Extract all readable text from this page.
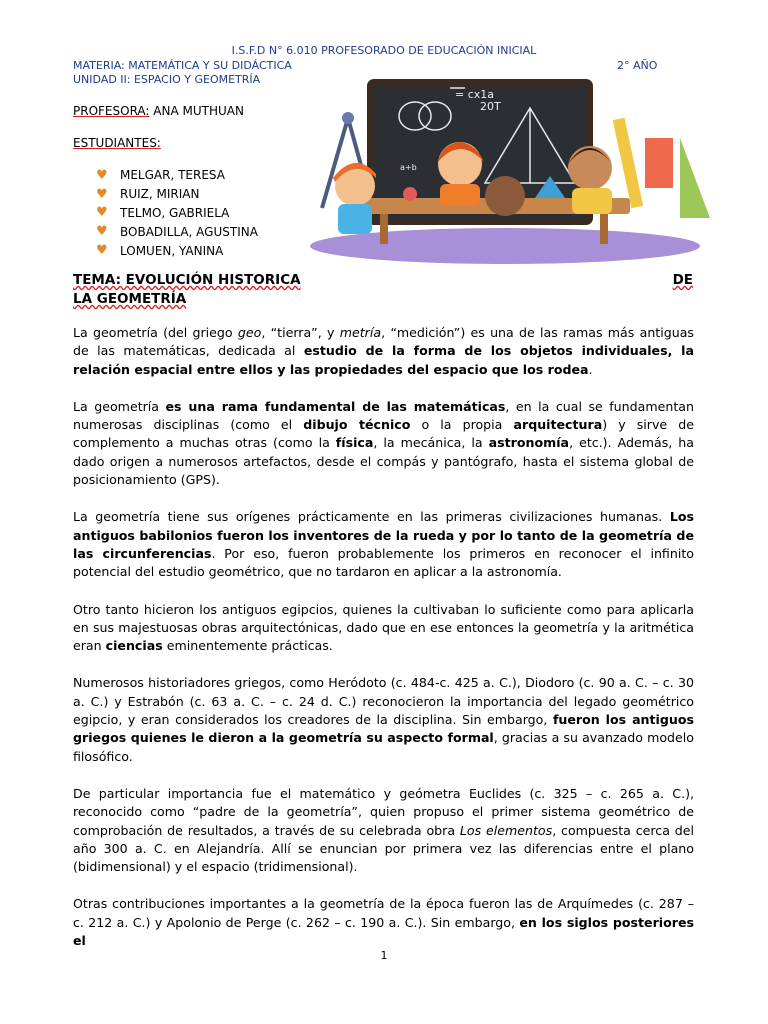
I.S.F.D N° 6.010 PROFESORADO DE EDUCACIÓN INICIAL
MATERIA: MATEMÁTICA Y SU DIDÁCTICA	2° AÑO
UNIDAD II: ESPACIO Y GEOMETRÍA
PROFESORA: ANA MUTHUAN
ESTUDIANTES:
♥	MELGAR, TERESA
♥	RUIZ, MIRIAN
♥	TELMO, GABRIELA
♥	BOBADILLA, AGUSTINA
♥	LOMUEN, YANINA
= cx1a
20T
a+b
TEMA: EVOLUCIÓN HISTORICA	DE
LA GEOMETRÍA

La geometría (del griego geo, “tierra”, y metría, “medición”) es una de las ramas más antiguas de las matemáticas, dedicada al estudio de la forma de los objetos individuales, la relación espacial entre ellos y las propiedades del espacio que los rodea.

La geometría es una rama fundamental de las matemáticas, en la cual se fundamentan numerosas disciplinas (como el dibujo técnico o la propia arquitectura) y sirve de complemento a muchas otras (como la física, la mecánica, la astronomía, etc.). Además, ha dado origen a numerosos artefactos, desde el compás y pantógrafo, hasta el sistema global de posicionamiento (GPS).

La geometría tiene sus orígenes prácticamente en las primeras civilizaciones humanas. Los antiguos babilonios fueron los inventores de la rueda y por lo tanto de la geometría de las circunferencias. Por eso, fueron probablemente los primeros en reconocer el infinito potencial del estudio geométrico, que no tardaron en aplicar a la astronomía.

Otro tanto hicieron los antiguos egipcios, quienes la cultivaban lo suficiente como para aplicarla en sus majestuosas obras arquitectónicas, dado que en ese entonces la geometría y la aritmética eran ciencias eminentemente prácticas.

Numerosos historiadores griegos, como Heródoto (c. 484-c. 425 a. C.), Diodoro (c. 90 a. C. – c. 30 a. C.) y Estrabón (c. 63 a. C. – c. 24 d. C.) reconocieron la importancia del legado geométrico egipcio, y eran considerados los creadores de la disciplina. Sin embargo, fueron los antiguos griegos quienes le dieron a la geometría su aspecto formal, gracias a su avanzado modelo filosófico.

De particular importancia fue el matemático y geómetra Euclides (c. 325 – c. 265 a. C.), reconocido como “padre de la geometría”, quien propuso el primer sistema geométrico de comprobación de resultados, a través de su celebrada obra Los elementos, compuesta cerca del año 300 a. C. en Alejandría. Allí se enuncian por primera vez las diferencias entre el plano (bidimensional) y el espacio (tridimensional).

Otras contribuciones importantes a la geometría de la época fueron las de Arquímedes (c. 287 – c. 212 a. C.) y Apolonio de Perge (c. 262 – c. 190 a. C.). Sin embargo, en los siglos posteriores el

1
